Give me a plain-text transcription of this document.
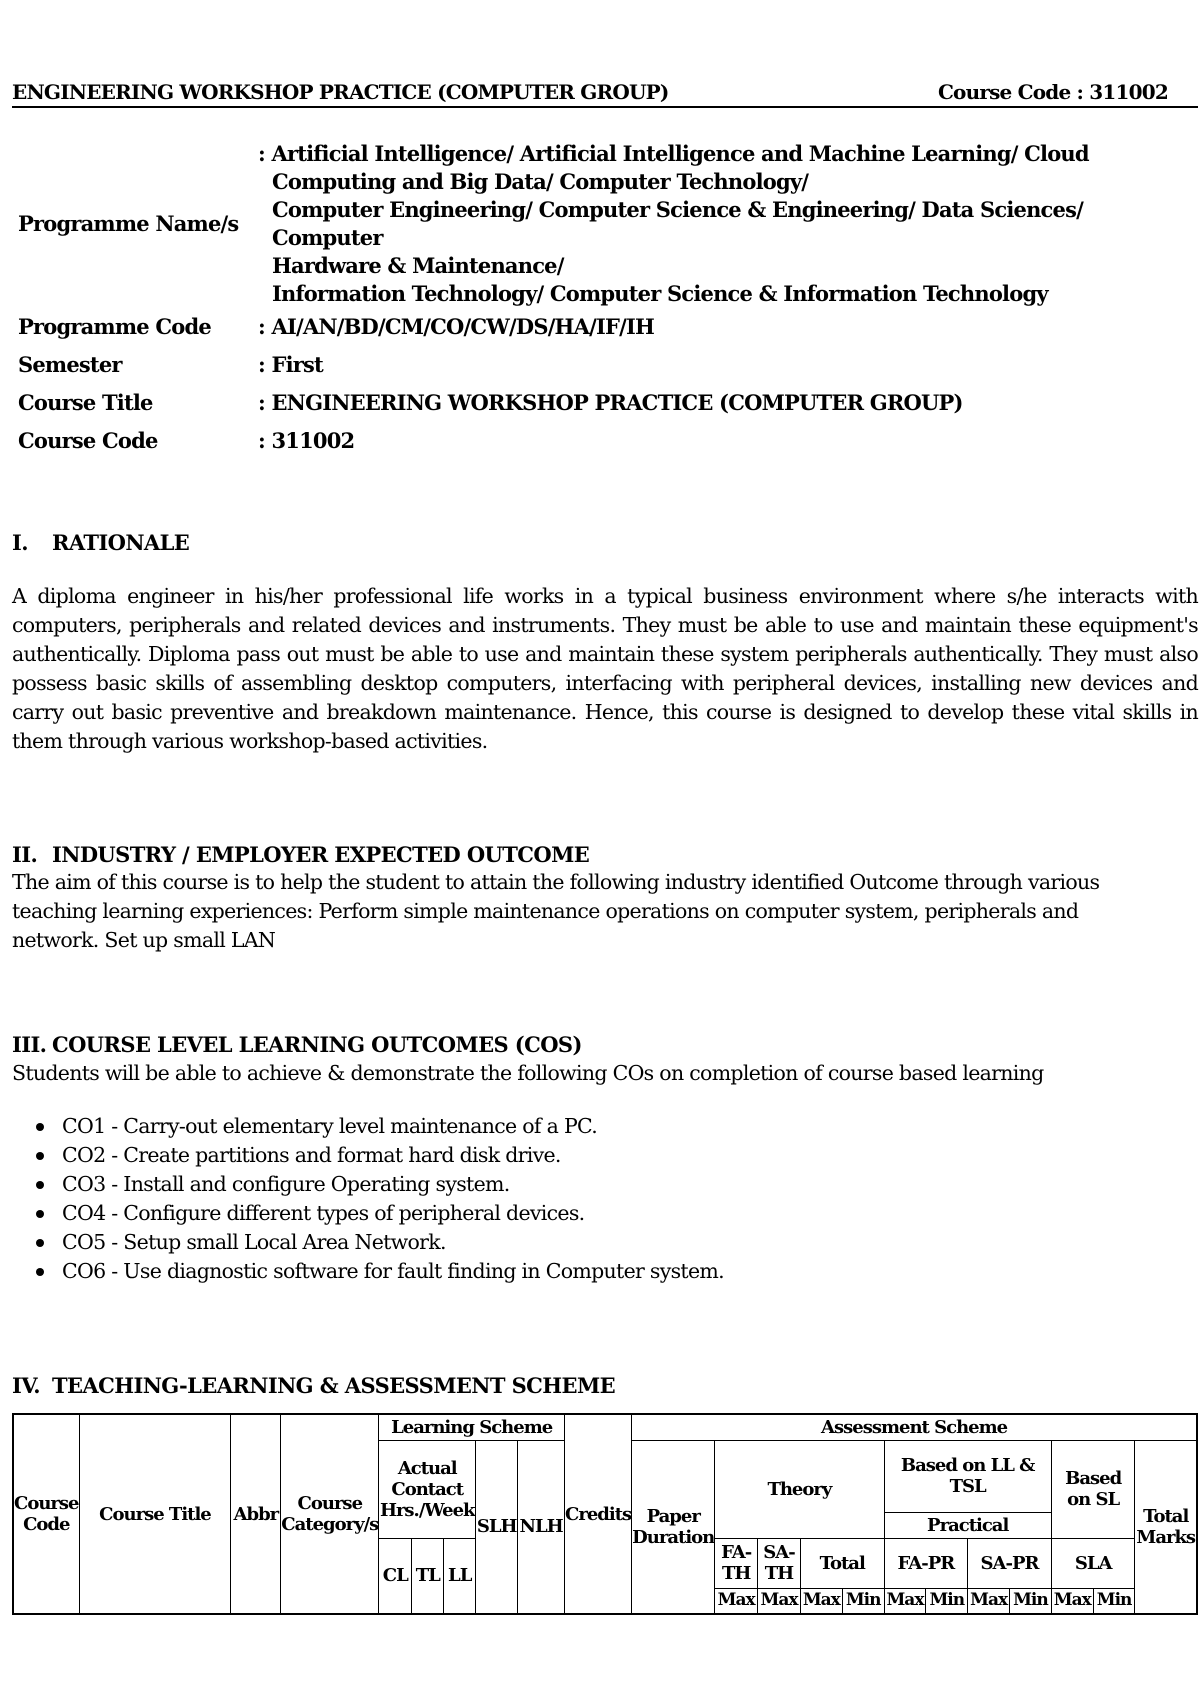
ENGINEERING WORKSHOP PRACTICE (COMPUTER GROUP)	Course Code : 311002
Programme Name/s	: Artificial Intelligence/ Artificial Intelligence and Machine Learning/ Cloud
Computing and Big Data/ Computer Technology/
Computer Engineering/ Computer Science & Engineering/ Data Sciences/ Computer
Hardware & Maintenance/
Information Technology/ Computer Science & Information Technology

Programme Code	: AI/AN/BD/CM/CO/CW/DS/HA/IF/IH
Semester	: First
Course Title	: ENGINEERING WORKSHOP PRACTICE (COMPUTER GROUP)
Course Code	: 311002
I. RATIONALE
A diploma engineer in his/her professional life works in a typical business environment where s/he interacts with computers, peripherals and related devices and instruments. They must be able to use and maintain these equipment's authentically. Diploma pass out must be able to use and maintain these system peripherals authentically. They must also possess basic skills of assembling desktop computers, interfacing with peripheral devices, installing new devices and carry out basic preventive and breakdown maintenance. Hence, this course is designed to develop these vital skills in them through various workshop-based activities.
II. INDUSTRY / EMPLOYER EXPECTED OUTCOME
The aim of this course is to help the student to attain the following industry identified Outcome through various
teaching learning experiences: Perform simple maintenance operations on computer system, peripherals and
network. Set up small LAN
III. COURSE LEVEL LEARNING OUTCOMES (COS)
Students will be able to achieve & demonstrate the following COs on completion of course based learning
CO1 - Carry-out elementary level maintenance of a PC.
CO2 - Create partitions and format hard disk drive.
CO3 - Install and configure Operating system.
CO4 - Configure different types of peripheral devices.
CO5 - Setup small Local Area Network.
CO6 - Use diagnostic software for fault finding in Computer system.
IV. TEACHING-LEARNING & ASSESSMENT SCHEME
Course Code	Course Title	Abbr	Course Category/s	Learning Scheme					Credits	Assessment Scheme											
				Actual Contact Hrs./Week			SLH	NLH		Paper Duration	Theory				Based on LL & TSL				Based on SL		Total Marks
															Practical						
				CL	TL	LL					FA-TH	SA-TH	Total		FA-PR		SA-PR		SLA		
											Max	Max	Max	Min	Max	Min	Max	Min	Max	Min	
